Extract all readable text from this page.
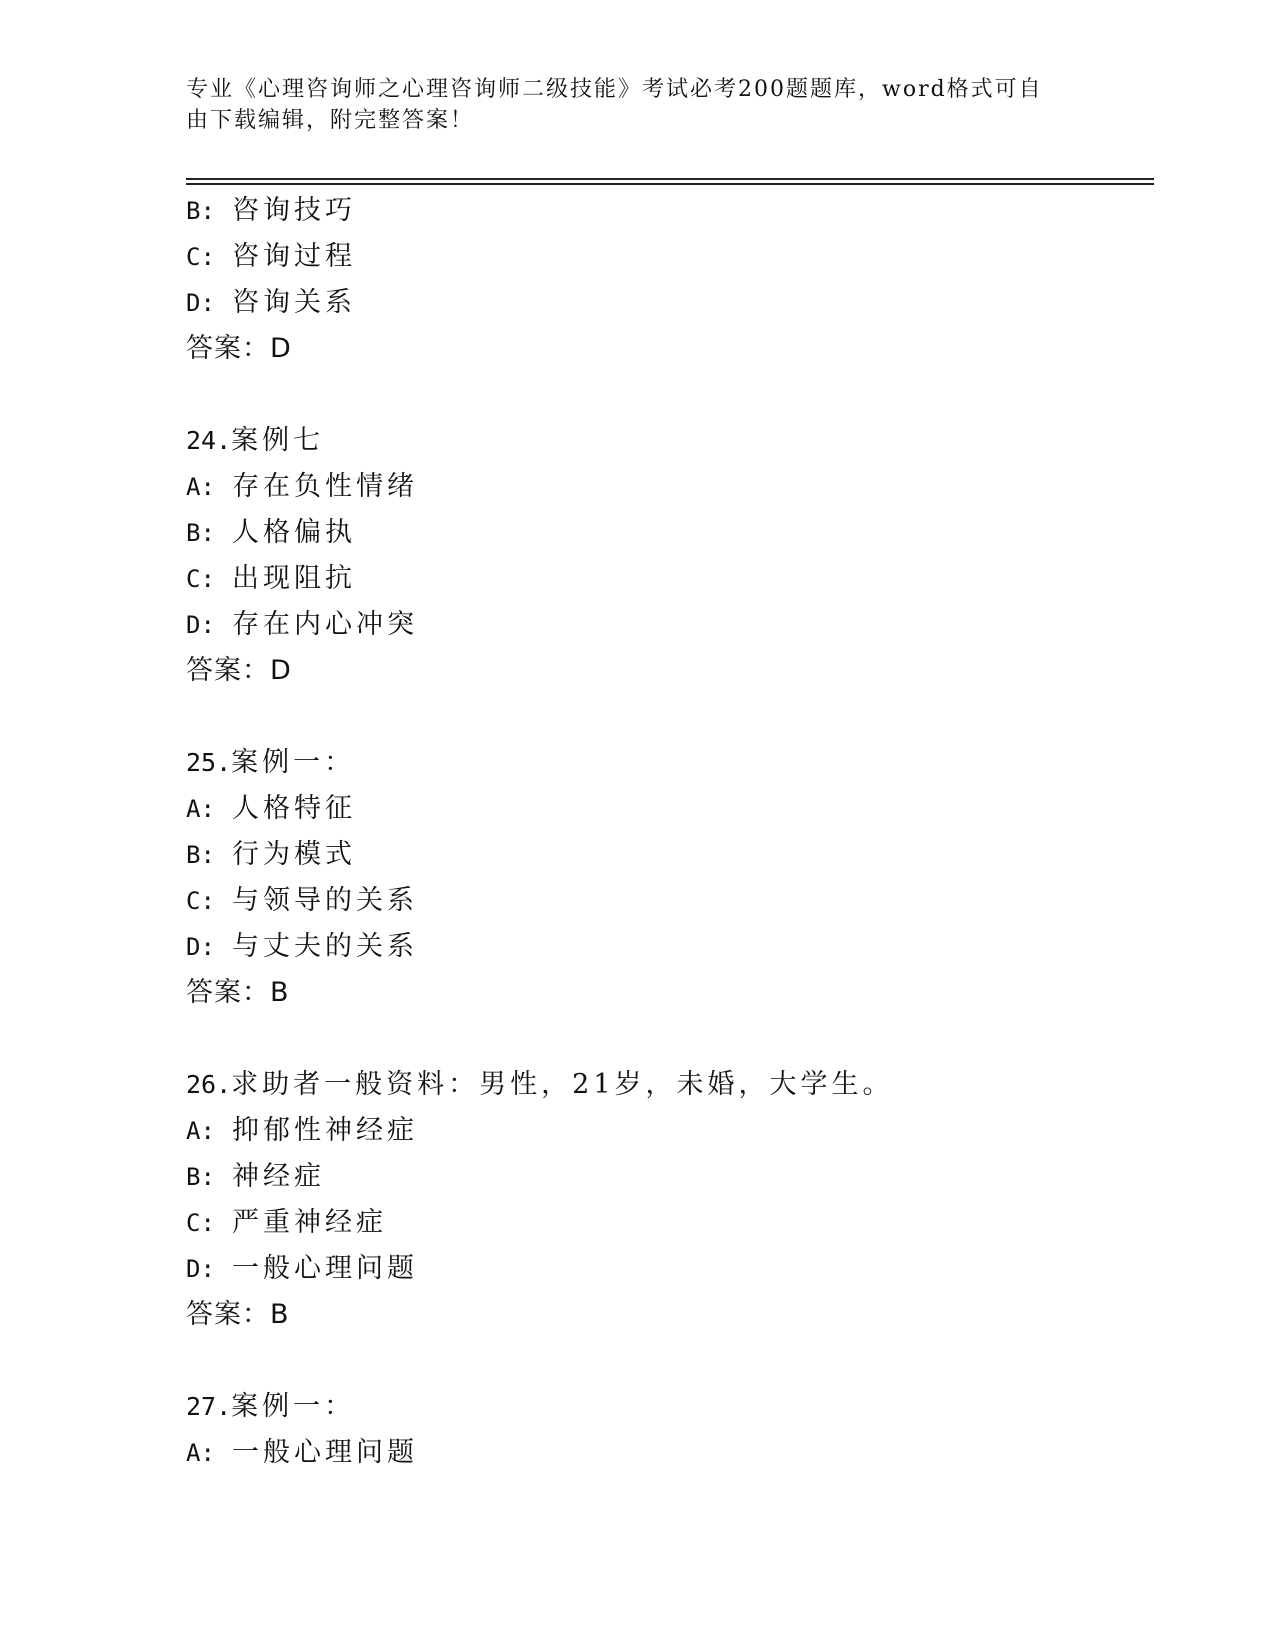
专业《心理咨询师之心理咨询师二级技能》考试必考200题题库，word格式可自
由下载编辑，附完整答案！
B: 咨询技巧
C: 咨询过程
D: 咨询关系
答案：D
24.案例七
A: 存在负性情绪
B: 人格偏执
C: 出现阻抗
D: 存在内心冲突
答案：D
25.案例一：
A: 人格特征
B: 行为模式
C: 与领导的关系
D: 与丈夫的关系
答案：B
26.求助者一般资料：男性，21岁，未婚，大学生。
A: 抑郁性神经症
B: 神经症
C: 严重神经症
D: 一般心理问题
答案：B
27.案例一：
A: 一般心理问题
